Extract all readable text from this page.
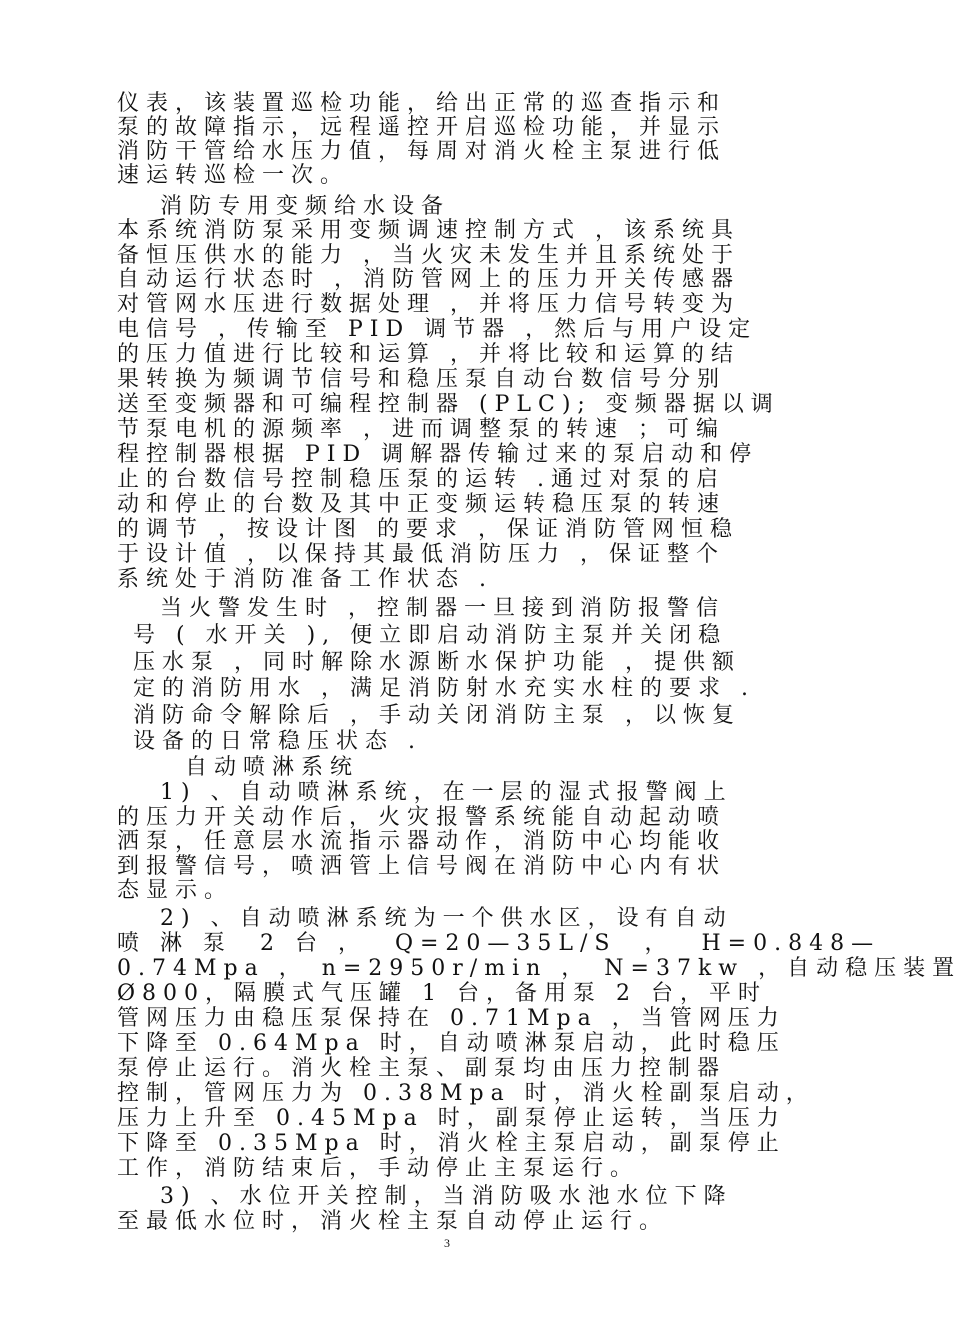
仪表，该装置巡检功能，给出正常的巡查指示和
泵的故障指示，远程遥控开启巡检功能，并显示
消防干管给水压力值，每周对消火栓主泵进行低
速运转巡检一次。
消防专用变频给水设备
本系统消防泵采用变频调速控制方式 ，该系统具
备恒压供水的能力 ，当火灾未发生并且系统处于
自动运行状态时 ，消防管网上的压力开关传感器
对管网水压进行数据处理 ，并将压力信号转变为
电信号 ，传输至 PID 调节器 ，然后与用户设定
的压力值进行比较和运算 ，并将比较和运算的结
果转换为频调节信号和稳压泵自动台数信号分别
送至变频器和可编程控制器 (PLC); 变频器据以调
节泵电机的源频率 ，进而调整泵的转速 ；可编
程控制器根据 PID 调解器传输过来的泵启动和停
止的台数信号控制稳压泵的运转 .通过对泵的启
动和停止的台数及其中正变频运转稳压泵的转速
的调节 ，按设计图 的要求 ，保证消防管网恒稳
于设计值 ，以保持其最低消防压力 ，保证整个
系统处于消防准备工作状态 .
当火警发生时 ，控制器一旦接到消防报警信
号 ( 水开关 ), 便立即启动消防主泵并关闭稳
压水泵 ，同时解除水源断水保护功能 ，提供额
定的消防用水 ，满足消防射水充实水柱的要求 .
消防命令解除后 ，手动关闭消防主泵 ，以恢复
设备的日常稳压状态 .
自动喷淋系统
1) 、自动喷淋系统，在一层的湿式报警阀上
的压力开关动作后，火灾报警系统能自动起动喷
洒泵，任意层水流指示器动作，消防中心均能收
到报警信号，喷洒管上信号阀在消防中心内有状
态显示。
2) 、自动喷淋系统为一个供水区，设有自动
喷 淋 泵  2 台 ，  Q=20—35L/S  ，  H=0.848—
0.74Mpa ， n=2950r/min ， N=37kw ，自动稳压装置
Ø800，隔膜式气压罐 1 台，备用泵 2 台，平时
管网压力由稳压泵保持在 0.71Mpa ，当管网压力
下降至 0.64Mpa 时，自动喷淋泵启动，此时稳压
泵停止运行。消火栓主泵、副泵均由压力控制器
控制，管网压力为 0.38Mpa 时，消火栓副泵启动，
压力上升至 0.45Mpa 时，副泵停止运转，当压力
下降至 0.35Mpa 时，消火栓主泵启动，副泵停止
工作，消防结束后，手动停止主泵运行。
3) 、水位开关控制，当消防吸水池水位下降
至最低水位时，消火栓主泵自动停止运行。
3
